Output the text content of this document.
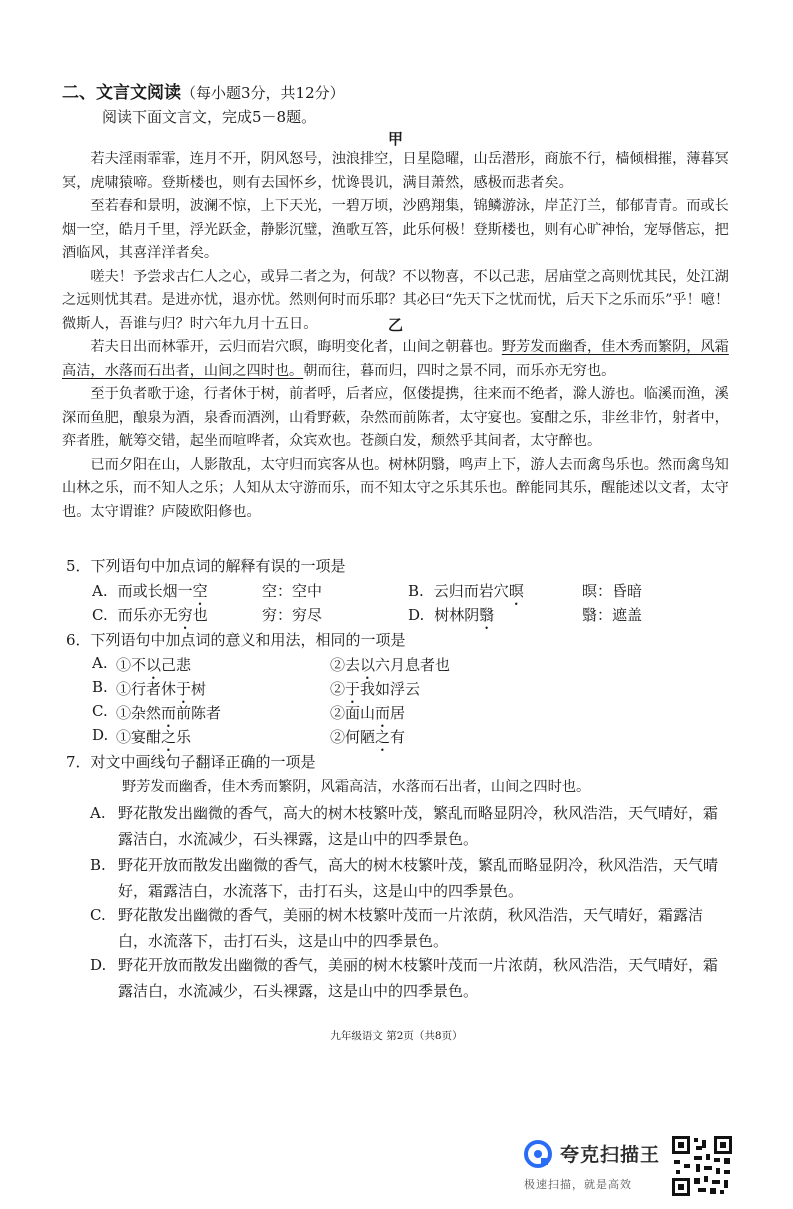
二、文言文阅读（每小题3分，共12分）
阅读下面文言文，完成5－8题。
甲

若夫淫雨霏霏，连月不开，阴风怒号，浊浪排空，日星隐曜，山岳潜形，商旅不行，樯倾楫摧，薄暮冥冥，虎啸猿啼。登斯楼也，则有去国怀乡，忧谗畏讥，满目萧然，感极而悲者矣。

至若春和景明，波澜不惊，上下天光，一碧万顷，沙鸥翔集，锦鳞游泳，岸芷汀兰，郁郁青青。而或长烟一空，皓月千里，浮光跃金，静影沉璧，渔歌互答，此乐何极！登斯楼也，则有心旷神怡，宠辱偕忘，把酒临风，其喜洋洋者矣。

嗟夫！予尝求古仁人之心，或异二者之为，何哉？不以物喜，不以己悲，居庙堂之高则忧其民，处江湖之远则忧其君。是进亦忧，退亦忧。然则何时而乐耶？其必曰“先天下之忧而忧，后天下之乐而乐”乎！噫！微斯人，吾谁与归？时六年九月十五日。	乙

若夫日出而林霏开，云归而岩穴暝，晦明变化者，山间之朝暮也。野芳发而幽香，佳木秀而繁阴，风霜高洁，水落而石出者，山间之四时也。朝而往，暮而归，四时之景不同，而乐亦无穷也。

至于负者歌于途，行者休于树，前者呼，后者应，伛偻提携，往来而不绝者，滁人游也。临溪而渔，溪深而鱼肥，酿泉为酒，泉香而酒洌，山肴野蔌，杂然而前陈者，太守宴也。宴酣之乐，非丝非竹，射者中，弈者胜，觥筹交错，起坐而喧哗者，众宾欢也。苍颜白发，颓然乎其间者，太守醉也。

已而夕阳在山，人影散乱，太守归而宾客从也。树林阴翳，鸣声上下，游人去而禽鸟乐也。然而禽鸟知山林之乐，而不知人之乐；人知从太守游而乐，而不知太守之乐其乐也。醉能同其乐，醒能述以文者，太守也。太守谓谁？庐陵欧阳修也。

5．下列语句中加点词的解释有误的一项是
A. 而或长烟一空	空：空中	B. 云归而岩穴暝	暝：昏暗
C. 而乐亦无穷也	穷：穷尽	D. 树林阴翳	翳：遮盖
6．下列语句中加点词的意义和用法，相同的一项是
A. ①不以己悲	②去以六月息者也
B. ①行者休于树	②于我如浮云
C. ①杂然而前陈者	②面山而居
D. ①宴酣之乐	②何陋之有
7．对文中画线句子翻译正确的一项是
野芳发而幽香，佳木秀而繁阴，风霜高洁，水落而石出者，山间之四时也。
A. 野花散发出幽微的香气，高大的树木枝繁叶茂，繁乱而略显阴冷，秋风浩浩，天气晴好，霜露洁白，水流减少，石头裸露，这是山中的四季景色。
B. 野花开放而散发出幽微的香气，高大的树木枝繁叶茂，繁乱而略显阴冷，秋风浩浩，天气晴好，霜露洁白，水流落下，击打石头，这是山中的四季景色。
C. 野花散发出幽微的香气，美丽的树木枝繁叶茂而一片浓荫，秋风浩浩，天气晴好，霜露洁白，水流落下，击打石头，这是山中的四季景色。
D. 野花开放而散发出幽微的香气，美丽的树木枝繁叶茂而一片浓荫，秋风浩浩，天气晴好，霜露洁白，水流减少，石头裸露，这是山中的四季景色。
九年级语文 第2页（共8页）
夸克扫描王
极速扫描，就是高效
